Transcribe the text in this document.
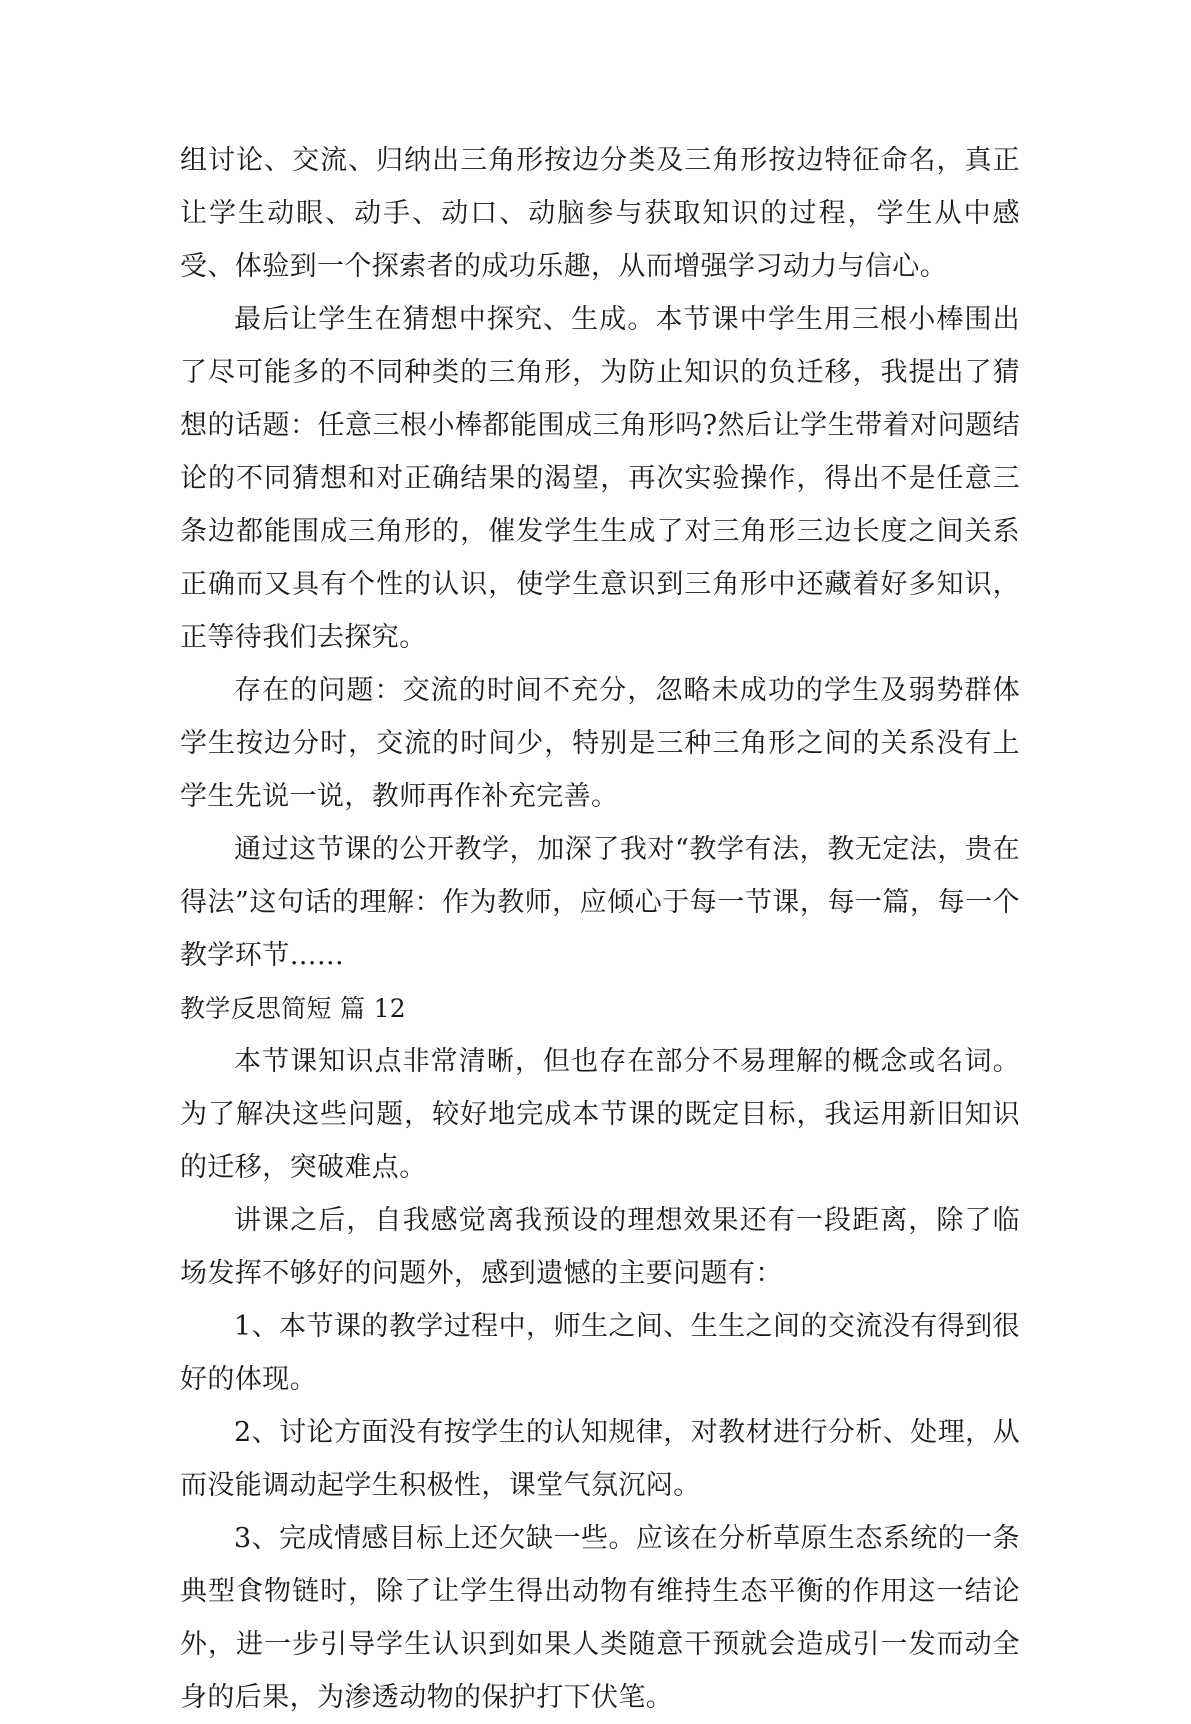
组讨论、交流、归纳出三角形按边分类及三角形按边特征命名，真正让学生动眼、动手、动口、动脑参与获取知识的过程，学生从中感受、体验到一个探索者的成功乐趣，从而增强学习动力与信心。

最后让学生在猜想中探究、生成。本节课中学生用三根小棒围出了尽可能多的不同种类的三角形，为防止知识的负迁移，我提出了猜想的话题：任意三根小棒都能围成三角形吗?然后让学生带着对问题结论的不同猜想和对正确结果的渴望，再次实验操作，得出不是任意三条边都能围成三角形的，催发学生生成了对三角形三边长度之间关系正确而又具有个性的认识，使学生意识到三角形中还藏着好多知识，正等待我们去探究。

存在的问题：交流的时间不充分，忽略未成功的学生及弱势群体学生按边分时，交流的时间少，特别是三种三角形之间的关系没有上学生先说一说，教师再作补充完善。

通过这节课的公开教学，加深了我对“教学有法，教无定法，贵在得法”这句话的理解：作为教师，应倾心于每一节课，每一篇，每一个教学环节…...

教学反思简短 篇 12

本节课知识点非常清晰，但也存在部分不易理解的概念或名词。为了解决这些问题，较好地完成本节课的既定目标，我运用新旧知识的迁移，突破难点。

讲课之后，自我感觉离我预设的理想效果还有一段距离，除了临场发挥不够好的问题外，感到遗憾的主要问题有：

1、本节课的教学过程中，师生之间、生生之间的交流没有得到很好的体现。

2、讨论方面没有按学生的认知规律，对教材进行分析、处理，从而没能调动起学生积极性，课堂气氛沉闷。

3、完成情感目标上还欠缺一些。应该在分析草原生态系统的一条典型食物链时，除了让学生得出动物有维持生态平衡的作用这一结论外，进一步引导学生认识到如果人类随意干预就会造成引一发而动全身的后果，为渗透动物的保护打下伏笔。
